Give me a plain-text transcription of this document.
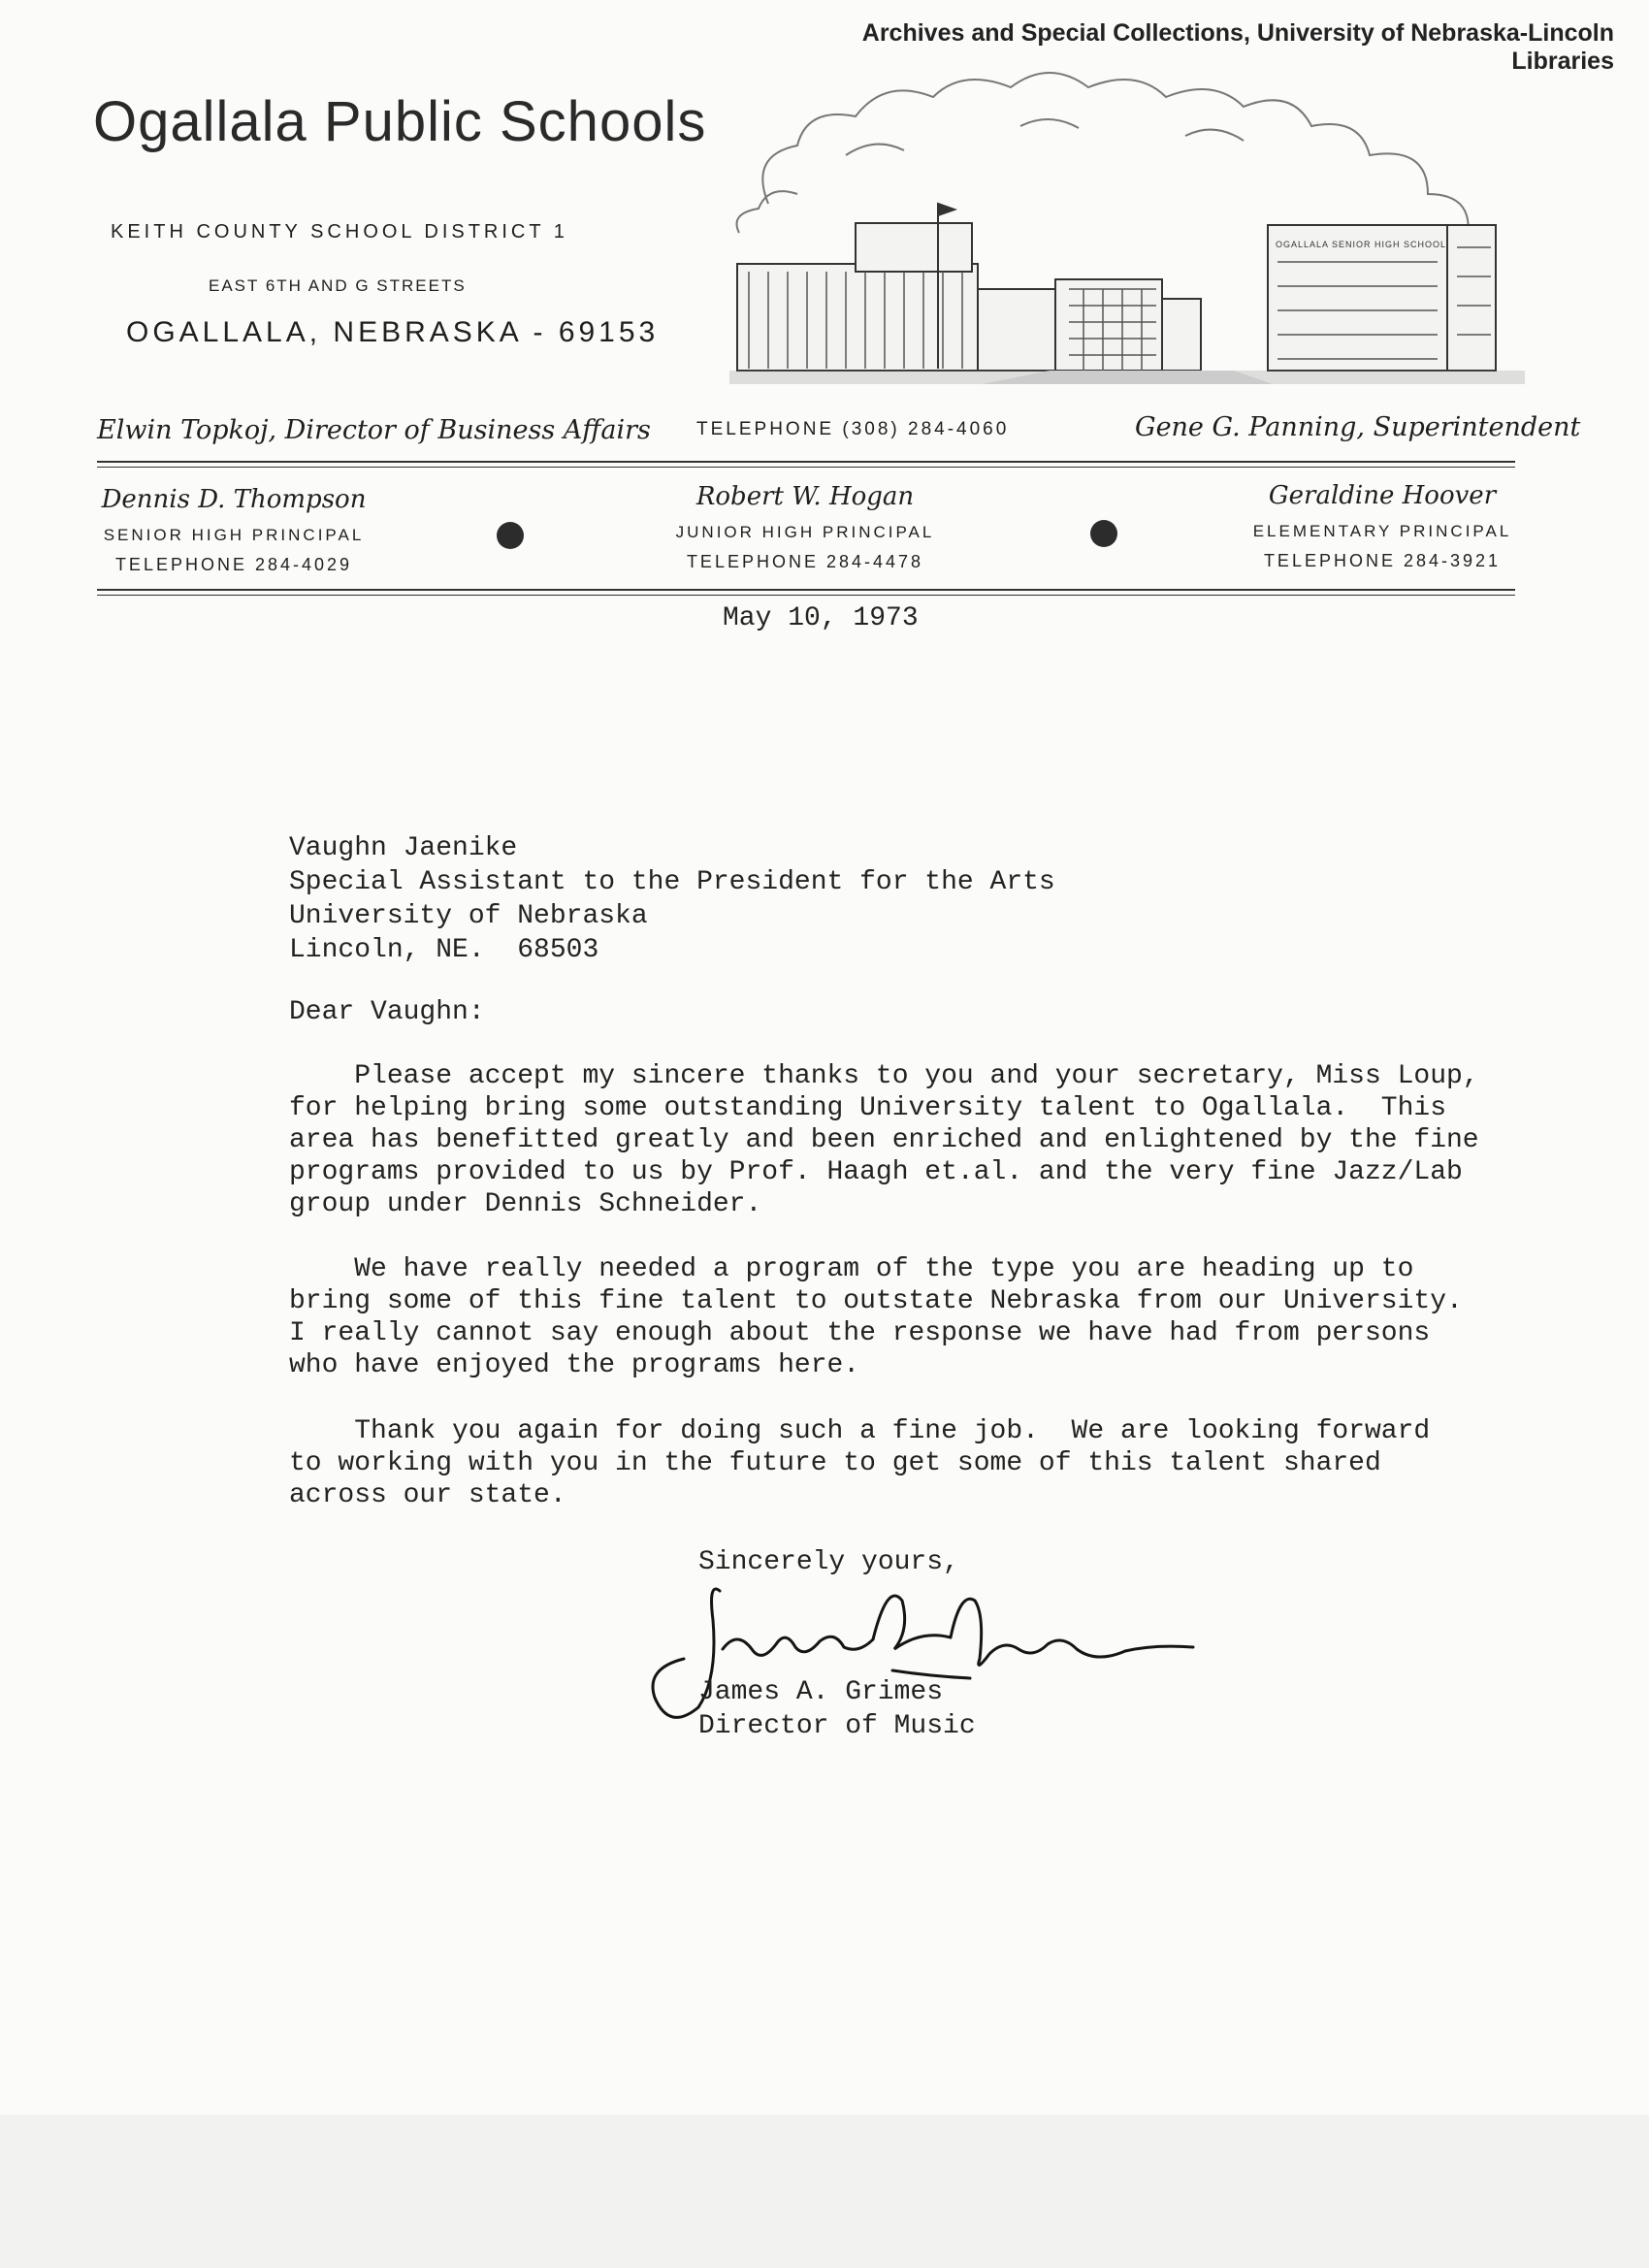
Archives and Special Collections, University of Nebraska-Lincoln Libraries
Ogallala Public Schools
KEITH COUNTY SCHOOL DISTRICT 1
EAST 6TH AND G STREETS
OGALLALA, NEBRASKA - 69153
OGALLALA SENIOR HIGH SCHOOL
Elwin Topkoj, Director of Business Affairs TELEPHONE (308) 284-4060	Gene G. Panning, Superintendent
Dennis D. Thompson
SENIOR HIGH PRINCIPAL
TELEPHONE 284-4029
Robert W. Hogan
JUNIOR HIGH PRINCIPAL
TELEPHONE 284-4478
Geraldine Hoover
ELEMENTARY PRINCIPAL
TELEPHONE 284-3921
May 10, 1973
Vaughn Jaenike
Special Assistant to the President for the Arts
University of Nebraska
Lincoln, NE.  68503
Dear Vaughn:
Please accept my sincere thanks to you and your secretary, Miss Loup,
for helping bring some outstanding University talent to Ogallala.  This
area has benefitted greatly and been enriched and enlightened by the fine
programs provided to us by Prof. Haagh et.al. and the very fine Jazz/Lab
group under Dennis Schneider.
We have really needed a program of the type you are heading up to
bring some of this fine talent to outstate Nebraska from our University.
I really cannot say enough about the response we have had from persons
who have enjoyed the programs here.
Thank you again for doing such a fine job.  We are looking forward
to working with you in the future to get some of this talent shared
across our state.
Sincerely yours,
James A. Grimes
Director of Music
